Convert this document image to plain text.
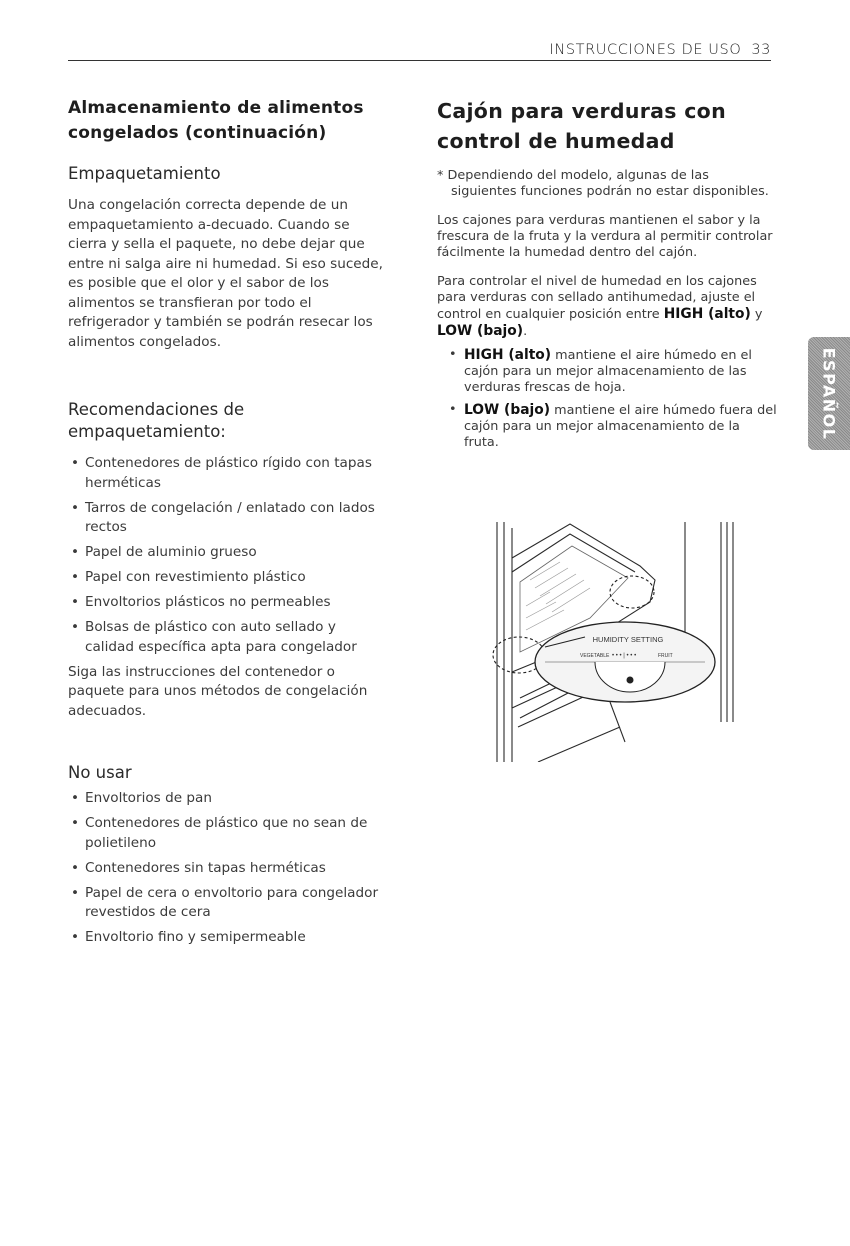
INSTRUCCIONES DE USO 33
Almacenamiento de alimentos congelados (continuación)
Empaquetamiento

Una congelación correcta depende de un empaquetamiento a-decuado. Cuando se cierra y sella el paquete, no debe dejar que entre ni salga aire ni humedad. Si eso sucede, es posible que el olor y el sabor de los alimentos se transfieran por todo el refrigerador y también se podrán resecar los alimentos congelados.

Recomendaciones de empaquetamiento:
• Contenedores de plástico rígido con tapas herméticas
• Tarros de congelación / enlatado con lados rectos
• Papel de aluminio grueso
• Papel con revestimiento plástico
• Envoltorios plásticos no permeables
• Bolsas de plástico con auto sellado y calidad específica apta para congelador

Siga las instrucciones del contenedor o paquete para unos métodos de congelación adecuados.

No usar
• Envoltorios de pan
• Contenedores de plástico que no sean de polietileno
• Contenedores sin tapas herméticas
• Papel de cera o envoltorio para congelador revestidos de cera
• Envoltorio fino y semipermeable
Cajón para verduras con control de humedad

* Dependiendo del modelo, algunas de las siguientes funciones podrán no estar disponibles.

Los cajones para verduras mantienen el sabor y la frescura de la fruta y la verdura al permitir controlar fácilmente la humedad dentro del cajón.

Para controlar el nivel de humedad en los cajones para verduras con sellado antihumedad, ajuste el control en cualquier posición entre HIGH (alto) y LOW (bajo).

• HIGH (alto) mantiene el aire húmedo en el cajón para un mejor almacenamiento de las verduras frescas de hoja.
• LOW (bajo) mantiene el aire húmedo fuera del cajón para un mejor almacenamiento de la fruta.
ESPAÑOL
HUMIDITY SETTING
VEGETABLE • • • | • • •	FRUIT
